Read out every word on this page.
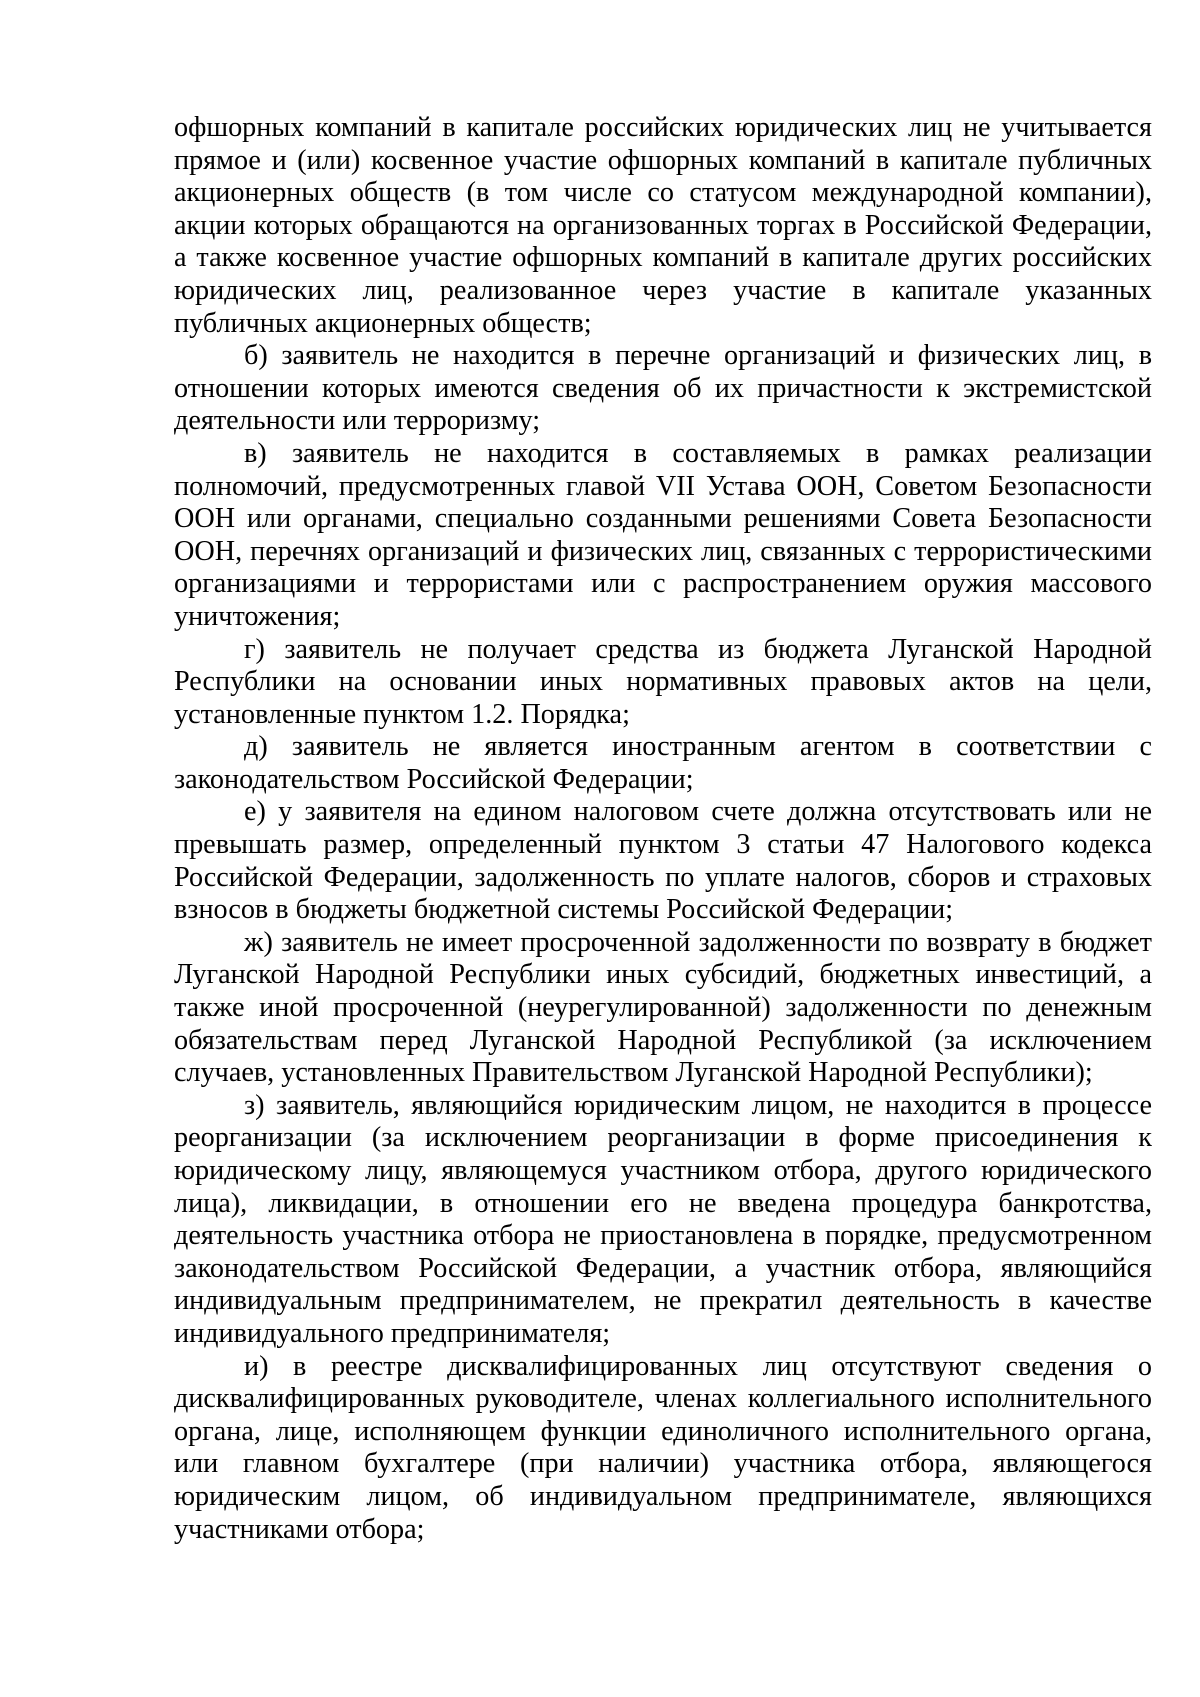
офшорных компаний в капитале российских юридических лиц не учитывается прямое и (или) косвенное участие офшорных компаний в капитале публичных акционерных обществ (в том числе со статусом международной компании), акции которых обращаются на организованных торгах в Российской Федерации, а также косвенное участие офшорных компаний в капитале других российских юридических лиц, реализованное через участие в капитале указанных публичных акционерных обществ;

б) заявитель не находится в перечне организаций и физических лиц, в отношении которых имеются сведения об их причастности к экстремистской деятельности или терроризму;

в) заявитель не находится в составляемых в рамках реализации полномочий, предусмотренных главой VII Устава ООН, Советом Безопасности ООН или органами, специально созданными решениями Совета Безопасности ООН, перечнях организаций и физических лиц, связанных с террористическими организациями и террористами или с распространением оружия массового уничтожения;

г) заявитель не получает средства из бюджета Луганской Народной Республики на основании иных нормативных правовых актов на цели, установленные пунктом 1.2. Порядка;

д) заявитель не является иностранным агентом в соответствии с законодательством Российской Федерации;

е) у заявителя на едином налоговом счете должна отсутствовать или не превышать размер, определенный пунктом 3 статьи 47 Налогового кодекса Российской Федерации, задолженность по уплате налогов, сборов и страховых взносов в бюджеты бюджетной системы Российской Федерации;

ж) заявитель не имеет просроченной задолженности по возврату в бюджет Луганской Народной Республики иных субсидий, бюджетных инвестиций, а также иной просроченной (неурегулированной) задолженности по денежным обязательствам перед Луганской Народной Республикой (за исключением случаев, установленных Правительством Луганской Народной Республики);

з) заявитель, являющийся юридическим лицом, не находится в процессе реорганизации (за исключением реорганизации в форме присоединения к юридическому лицу, являющемуся участником отбора, другого юридического лица), ликвидации, в отношении его не введена процедура банкротства, деятельность участника отбора не приостановлена в порядке, предусмотренном законодательством Российской Федерации, а участник отбора, являющийся индивидуальным предпринимателем, не прекратил деятельность в качестве индивидуального предпринимателя;

и) в реестре дисквалифицированных лиц отсутствуют сведения о дисквалифицированных руководителе, членах коллегиального исполнительного органа, лице, исполняющем функции единоличного исполнительного органа, или главном бухгалтере (при наличии) участника отбора, являющегося юридическим лицом, об индивидуальном предпринимателе, являющихся участниками отбора;
